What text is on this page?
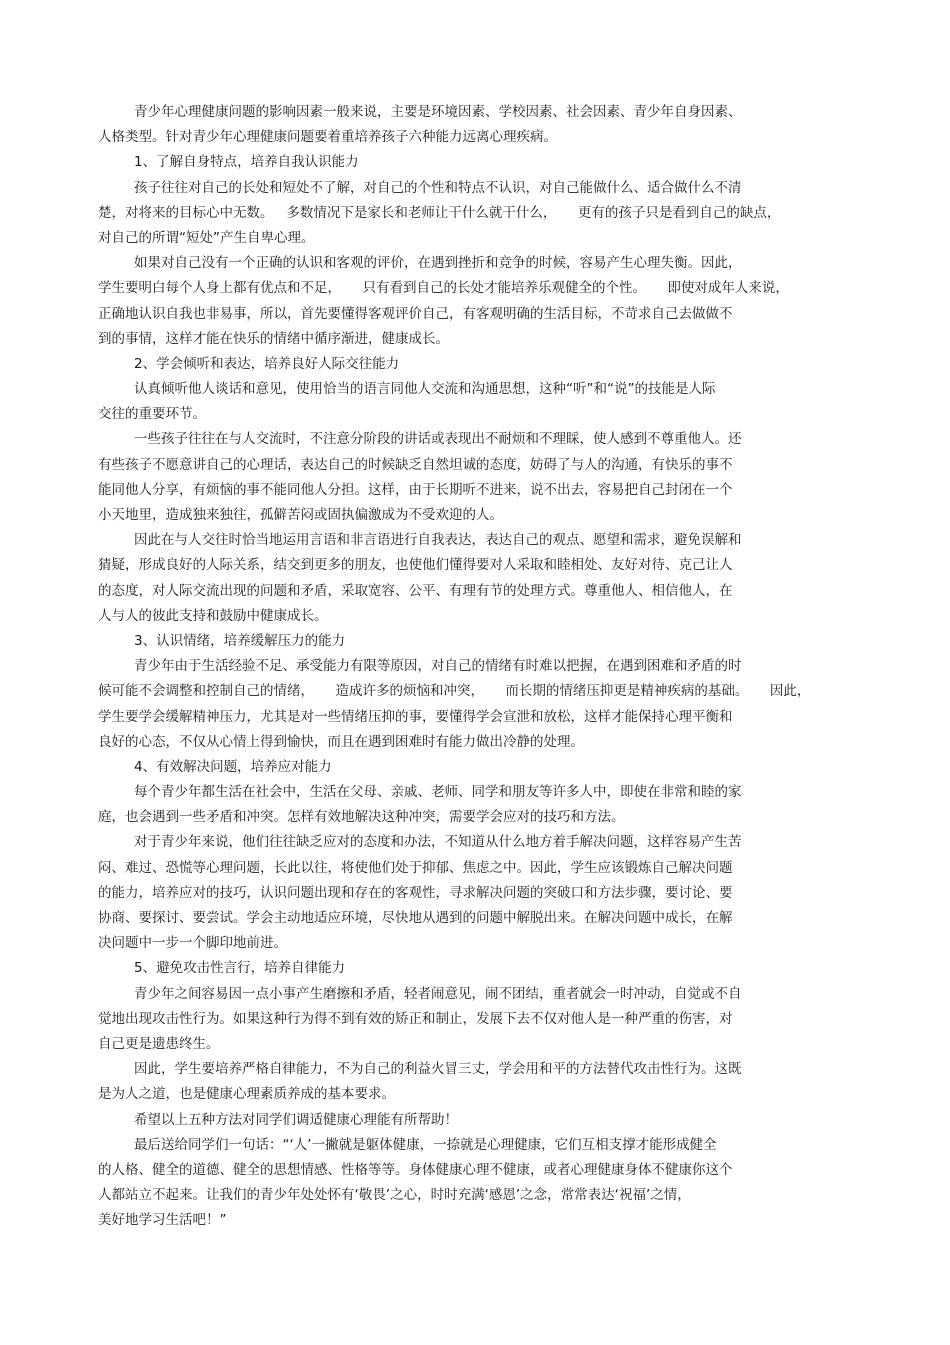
青少年心理健康问题的影响因素一般来说，主要是环境因素、学校因素、社会因素、青少年自身因素、
人格类型。针对青少年心理健康问题要着重培养孩子六种能力远离心理疾病。
1、了解自身特点，培养自我认识能力
孩子往往对自己的长处和短处不了解，对自己的个性和特点不认识，对自己能做什么、适合做什么不清
楚，对将来的目标心中无数。   多数情况下是家长和老师让干什么就干什么，     更有的孩子只是看到自己的缺点，
对自己的所谓“短处”产生自卑心理。
如果对自己没有一个正确的认识和客观的评价，在遇到挫折和竞争的时候，容易产生心理失衡。因此，
学生要明白每个人身上都有优点和不足，     只有看到自己的长处才能培养乐观健全的个性。     即使对成年人来说，
正确地认识自我也非易事，所以，首先要懂得客观评价自己，有客观明确的生活目标，不苛求自己去做做不
到的事情，这样才能在快乐的情绪中循序渐进，健康成长。
2、学会倾听和表达，培养良好人际交往能力
认真倾听他人谈话和意见，使用恰当的语言同他人交流和沟通思想，这种“听”和“说”的技能是人际
交往的重要环节。
一些孩子往往在与人交流时，不注意分阶段的讲话或表现出不耐烦和不理睬，使人感到不尊重他人。还
有些孩子不愿意讲自己的心理话，表达自己的时候缺乏自然坦诚的态度，妨碍了与人的沟通，有快乐的事不
能同他人分享，有烦恼的事不能同他人分担。这样，由于长期听不进来，说不出去，容易把自己封闭在一个
小天地里，造成独来独往，孤僻苦闷或固执偏激成为不受欢迎的人。
因此在与人交往时恰当地运用言语和非言语进行自我表达，表达自己的观点、愿望和需求，避免误解和
猜疑，形成良好的人际关系，结交到更多的朋友，也使他们懂得要对人采取和睦相处、友好对待、克己让人
的态度，对人际交流出现的问题和矛盾，采取宽容、公平、有理有节的处理方式。尊重他人、相信他人，在
人与人的彼此支持和鼓励中健康成长。
3、认识情绪，培养缓解压力的能力
青少年由于生活经验不足、承受能力有限等原因，对自己的情绪有时难以把握，在遇到困难和矛盾的时
候可能不会调整和控制自己的情绪，     造成许多的烦恼和冲突，     而长期的情绪压抑更是精神疾病的基础。     因此，
学生要学会缓解精神压力，尤其是对一些情绪压抑的事，要懂得学会宣泄和放松，这样才能保持心理平衡和
良好的心态，不仅从心情上得到愉快，而且在遇到困难时有能力做出冷静的处理。
4、有效解决问题，培养应对能力
每个青少年都生活在社会中，生活在父母、亲戚、老师、同学和朋友等许多人中，即使在非常和睦的家
庭，也会遇到一些矛盾和冲突。怎样有效地解决这种冲突，需要学会应对的技巧和方法。
对于青少年来说，他们往往缺乏应对的态度和办法，不知道从什么地方着手解决问题，这样容易产生苦
闷、难过、恐慌等心理问题，长此以往，将使他们处于抑郁、焦虑之中。因此，学生应该锻炼自己解决问题
的能力，培养应对的技巧，认识问题出现和存在的客观性，寻求解决问题的突破口和方法步骤，要讨论、要
协商、要探讨、要尝试。学会主动地适应环境，尽快地从遇到的问题中解脱出来。在解决问题中成长，在解
决问题中一步一个脚印地前进。
5、避免攻击性言行，培养自律能力
青少年之间容易因一点小事产生磨擦和矛盾，轻者闹意见，闹不团结，重者就会一时冲动，自觉或不自
觉地出现攻击性行为。如果这种行为得不到有效的矫正和制止，发展下去不仅对他人是一种严重的伤害，对
自己更是遗患终生。
因此，学生要培养严格自律能力，不为自己的利益火冒三丈，学会用和平的方法替代攻击性行为。这既
是为人之道，也是健康心理素质养成的基本要求。
希望以上五种方法对同学们调适健康心理能有所帮助！
最后送给同学们一句话：“‘人’一撇就是躯体健康，一捺就是心理健康，它们互相支撑才能形成健全
的人格、健全的道德、健全的思想情感、性格等等。身体健康心理不健康，或者心理健康身体不健康你这个
人都站立不起来。让我们的青少年处处怀有‘敬畏’之心，时时充满‘感恩’之念，常常表达‘祝福’之情，
美好地学习生活吧！”
